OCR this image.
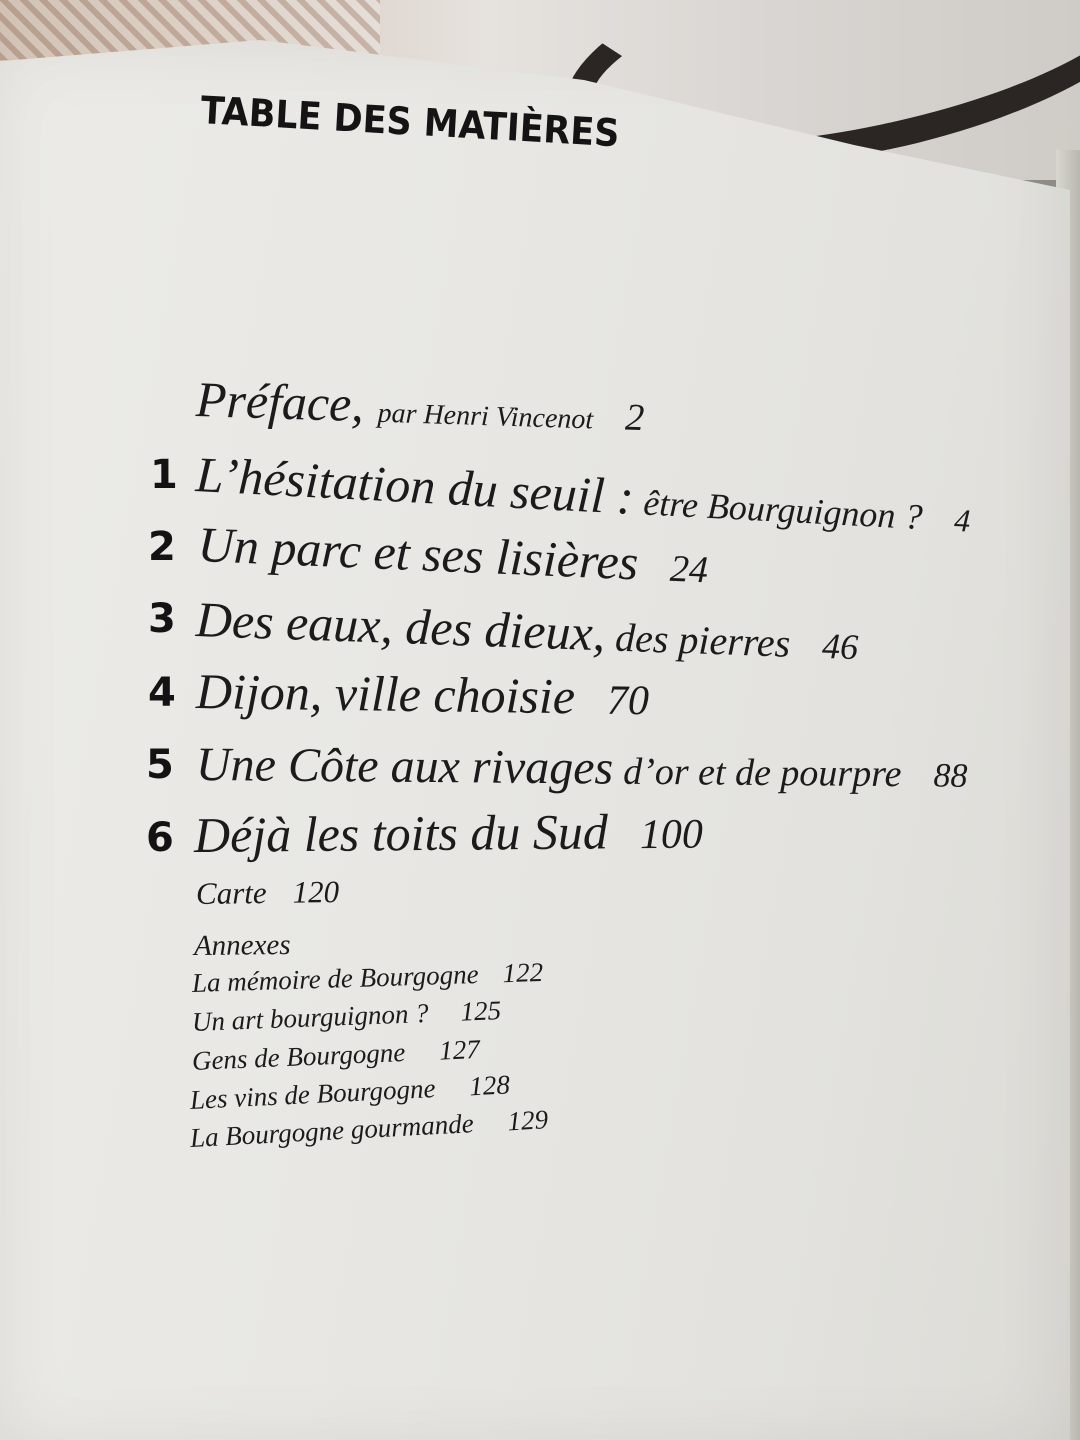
TABLE DES MATIÈRES
Préface, par Henri Vincenot 2
1 L’hésitation du seuil : être Bourguignon ? 4
2 Un parc et ses lisières 24
3 Des eaux, des dieux, des pierres 46
4 Dijon, ville choisie 70
5 Une Côte aux rivages d’or et de pourpre 88
6 Déjà les toits du Sud 100
Carte 120
Annexes
La mémoire de Bourgogne 122
Un art bourguignon ? 125
Gens de Bourgogne 127
Les vins de Bourgogne 128
La Bourgogne gourmande 129
